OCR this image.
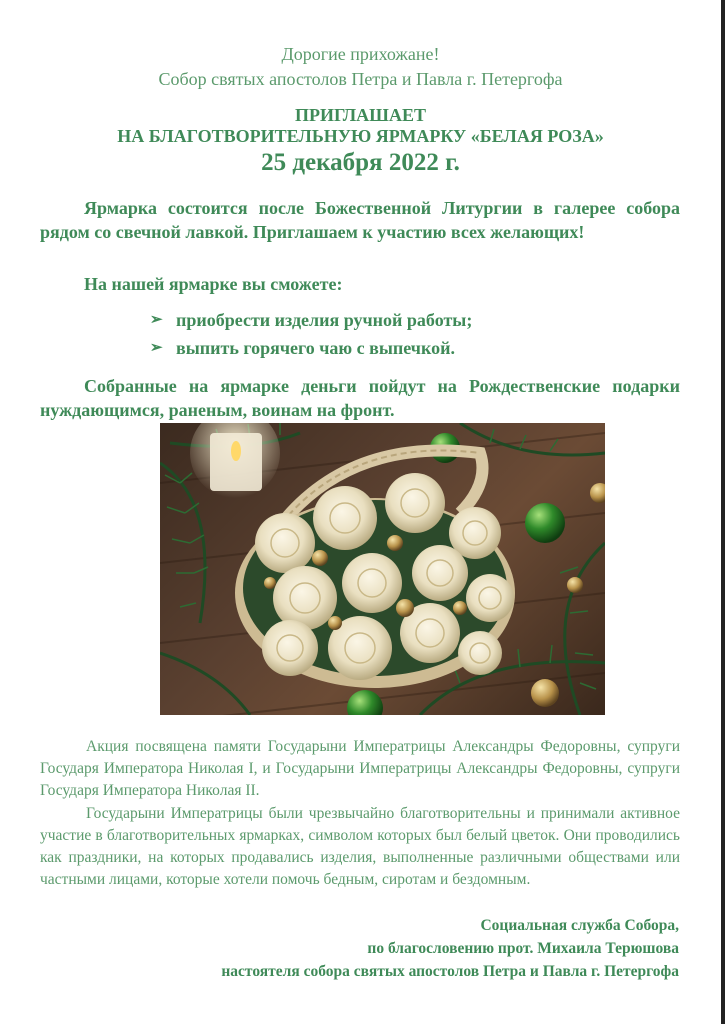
Дорогие прихожане!
Собор святых апостолов Петра и Павла г. Петергофа
ПРИГЛАШАЕТ
НА БЛАГОТВОРИТЕЛЬНУЮ ЯРМАРКУ «БЕЛАЯ РОЗА»
25 декабря 2022 г.
Ярмарка состоится после Божественной Литургии в галерее собора рядом со свечной лавкой. Приглашаем к участию всех желающих!
На нашей ярмарке вы сможете:
➢ приобрести изделия ручной работы;
➢ выпить горячего чаю с выпечкой.
Собранные на ярмарке деньги пойдут на Рождественские подарки нуждающимся, раненым, воинам на фронт.
Акция посвящена памяти Государыни Императрицы Александры Федоровны, супруги Государя Императора Николая I, и Государыни Императрицы Александры Федоровны, супруги Государя Императора Николая II.
Государыни Императрицы были чрезвычайно благотворительны и принимали активное участие в благотворительных ярмарках, символом которых был белый цветок. Они проводились как праздники, на которых продавались изделия, выполненные различными обществами или частными лицами, которые хотели помочь бедным, сиротам и бездомным.
Социальная служба Собора,
по благословению прот. Михаила Терюшова
настоятеля собора святых апостолов Петра и Павла г. Петергофа
